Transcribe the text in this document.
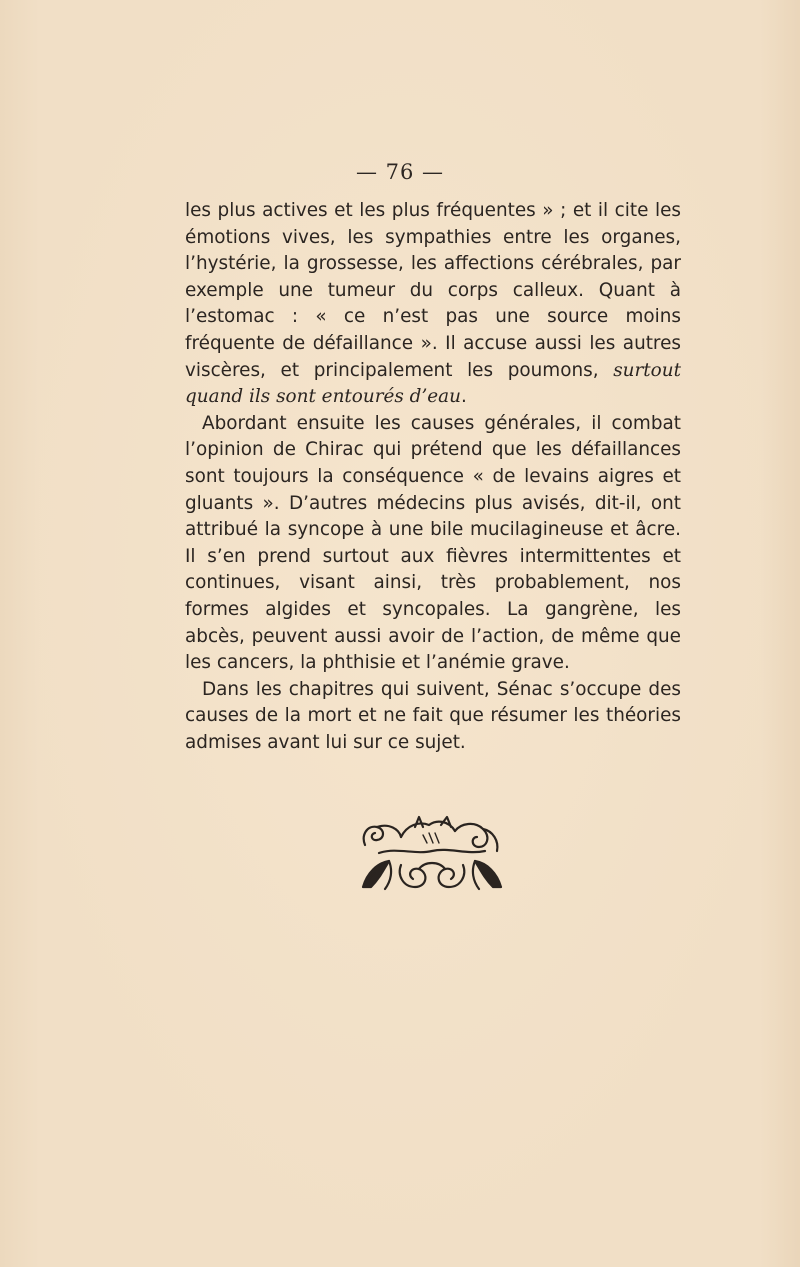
— 76 —

les plus actives et les plus fréquentes » ; et il cite les émotions vives, les sympathies entre les organes, l’hystérie, la grossesse, les affections cérébrales, par exemple une tumeur du corps calleux. Quant à l’estomac : « ce n’est pas une source moins fréquente de défaillance ». Il accuse aussi les autres viscères, et principalement les poumons, surtout quand ils sont entourés d’eau.

Abordant ensuite les causes générales, il combat l’opinion de Chirac qui prétend que les défaillances sont toujours la conséquence « de levains aigres et gluants ». D’autres médecins plus avisés, dit-il, ont attribué la syncope à une bile mucilagineuse et âcre. Il s’en prend surtout aux fièvres intermittentes et continues, visant ainsi, très probablement, nos formes algides et syncopales. La gangrène, les abcès, peuvent aussi avoir de l’action, de même que les cancers, la phthisie et l’anémie grave.

Dans les chapitres qui suivent, Sénac s’occupe des causes de la mort et ne fait que résumer les théories admises avant lui sur ce sujet.
